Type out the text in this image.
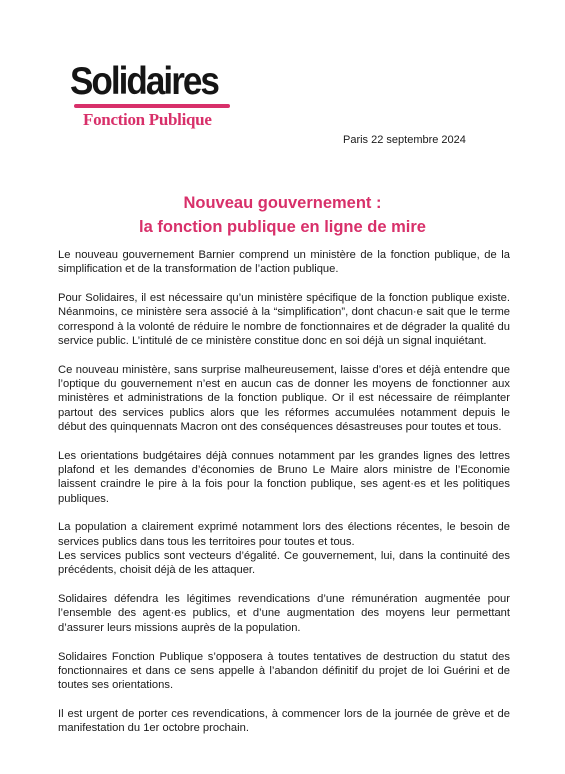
Solidaires
Fonction Publique
Paris 22 septembre 2024
Nouveau gouvernement :
la fonction publique en ligne de mire

Le nouveau gouvernement Barnier comprend un ministère de la fonction publique, de la simplification et de la transformation de l’action publique.

Pour Solidaires, il est nécessaire qu’un ministère spécifique de la fonction publique existe. Néanmoins, ce ministère sera associé à la “simplification”, dont chacun·e sait que le terme correspond à la volonté de réduire le nombre de fonctionnaires et de dégrader la qualité du service public. L’intitulé de ce ministère constitue donc en soi déjà un signal inquiétant.

Ce nouveau ministère, sans surprise malheureusement, laisse d’ores et déjà entendre que l’optique du gouvernement n’est en aucun cas de donner les moyens de fonctionner aux ministères et administrations de la fonction publique. Or il est nécessaire de réimplanter partout des services publics alors que les réformes accumulées notamment depuis le début des quinquennats Macron ont des conséquences désastreuses pour toutes et tous.

Les orientations budgétaires déjà connues notamment par les grandes lignes des lettres plafond et les demandes d’économies de Bruno Le Maire alors ministre de l’Economie laissent craindre le pire à la fois pour la fonction publique, ses agent·es et les politiques publiques.

La population a clairement exprimé notamment lors des élections récentes, le besoin de services publics dans tous les territoires pour toutes et tous.

Les services publics sont vecteurs d’égalité. Ce gouvernement, lui, dans la continuité des précédents, choisit déjà de les attaquer.

Solidaires défendra les légitimes revendications d’une rémunération augmentée pour l’ensemble des agent·es publics, et d’une augmentation des moyens leur permettant d’assurer leurs missions auprès de la population.

Solidaires Fonction Publique s’opposera à toutes tentatives de destruction du statut des fonctionnaires et dans ce sens appelle à l’abandon définitif du projet de loi Guérini et de toutes ses orientations.

Il est urgent de porter ces revendications, à commencer lors de la journée de grève et de manifestation du 1er octobre prochain.
